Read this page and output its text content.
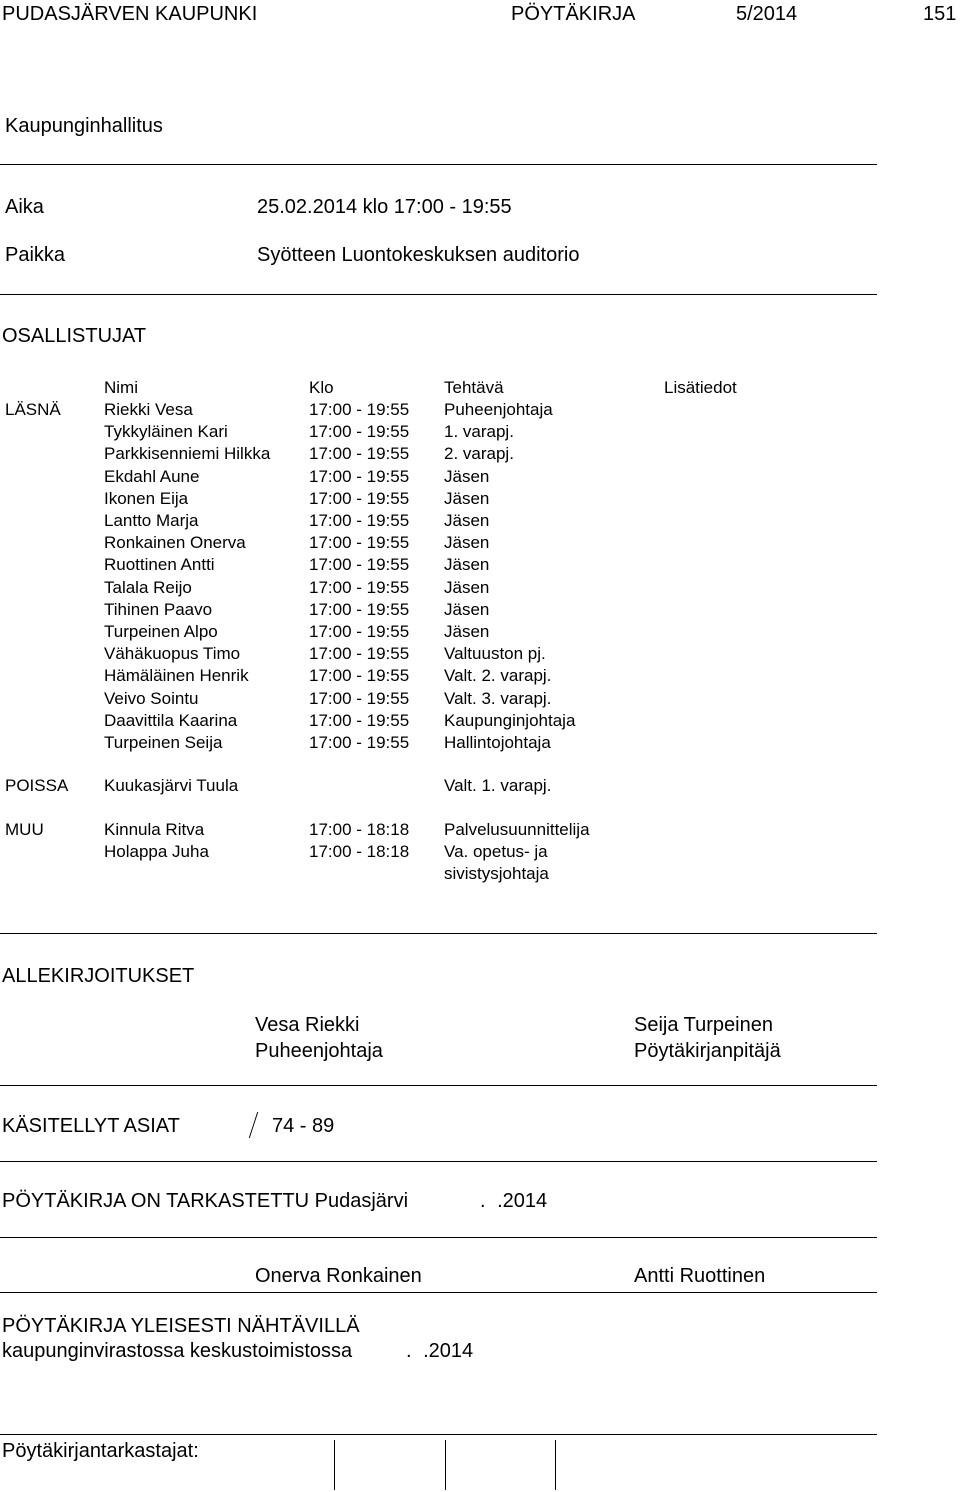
PUDASJÄRVEN KAUPUNKI	PÖYTÄKIRJA	5/2014	151
Kaupunginhallitus
Aika	25.02.2014 klo 17:00 - 19:55
Paikka	Syötteen Luontokeskuksen auditorio
OSALLISTUJAT
Nimi	Klo	Tehtävä	Lisätiedot
LÄSNÄ	Riekki Vesa	17:00 - 19:55 Puheenjohtaja
Tykkyläinen Kari	17:00 - 19:55 1. varapj.
Parkkisenniemi Hilkka 17:00 - 19:55 2. varapj.
Ekdahl Aune	17:00 - 19:55 Jäsen
Ikonen Eija	17:00 - 19:55 Jäsen
Lantto Marja	17:00 - 19:55 Jäsen
Ronkainen Onerva	17:00 - 19:55 Jäsen
Ruottinen Antti	17:00 - 19:55 Jäsen
Talala Reijo	17:00 - 19:55 Jäsen
Tihinen Paavo	17:00 - 19:55 Jäsen
Turpeinen Alpo	17:00 - 19:55 Jäsen
Vähäkuopus Timo	17:00 - 19:55 Valtuuston pj.
Hämäläinen Henrik	17:00 - 19:55 Valt. 2. varapj.
Veivo Sointu	17:00 - 19:55 Valt. 3. varapj.
Daavittila Kaarina	17:00 - 19:55 Kaupunginjohtaja
Turpeinen Seija	17:00 - 19:55 Hallintojohtaja
POISSA Kuukasjärvi Tuula	Valt. 1. varapj.
MUU	Kinnula Ritva	17:00 - 18:18 Palvelusuunnittelija
Holappa Juha	17:00 - 18:18 Va. opetus- ja
sivistysjohtaja
ALLEKIRJOITUKSET
Vesa Riekki
Puheenjohtaja
Seija Turpeinen
Pöytäkirjanpitäjä
KÄSITELLYT ASIAT	74 - 89
PÖYTÄKIRJA ON TARKASTETTU Pudasjärvi	. .2014
Onerva Ronkainen	Antti Ruottinen
PÖYTÄKIRJA YLEISESTI NÄHTÄVILLÄ
kaupunginvirastossa keskustoimistossa	. .2014
Pöytäkirjantarkastajat:
